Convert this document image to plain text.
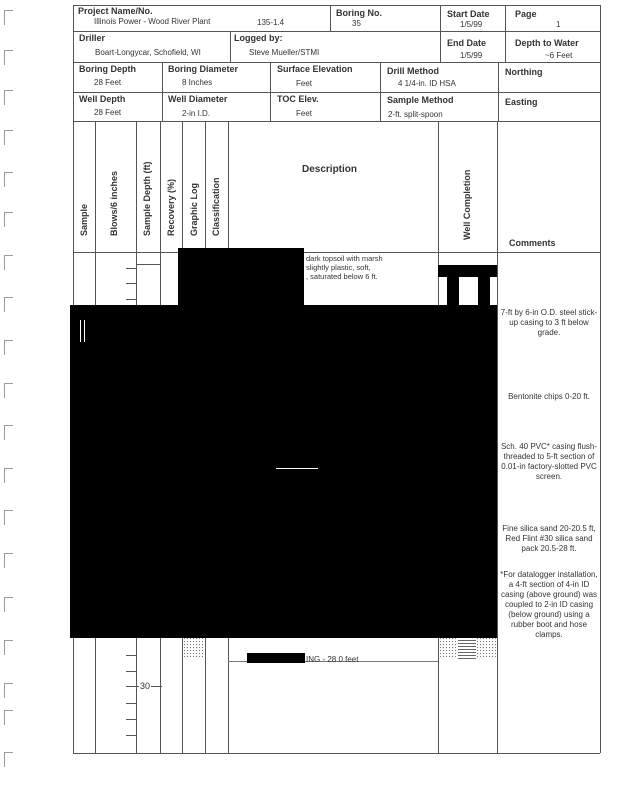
Project Name/No.
Illinois Power - Wood River Plant	135-1.4
Boring No.
35
Start Date
1/5/99
Page
1
Driller
Boart-Longycar, Schofield, WI
Logged by:
Steve Mueller/STMI
End Date
1/5/99
Depth to Water
~6 Feet
Boring Depth
28 Feet
Boring Diameter
8 Inches
Surface Elevation
Feet
Drill Method
4 1/4-in. ID HSA
Northing
Well Depth
28 Feet
Well Diameter
2-in I.D.
TOC Elev.
Feet
Sample Method
2-ft. split-spoon
Easting
Sample Blows/6 inches	Sample Depth (ft) Recovery (%) Graphic Log Classification
Description
Well Completion
Comments
30
dark topsoil with marsh
slightly plastic, soft,
, saturated below 6 ft.
ING - 28.0 feet
7-ft by 6-in O.D. steel stick-up casing to 3 ft below grade.
Bentonite chips 0-20 ft.
Sch. 40 PVC* casing flush-threaded to 5-ft section of 0.01-in factory-slotted PVC screen.
Fine silica sand 20-20.5 ft, Red Flint #30 silica sand pack 20.5-28 ft.
*For datalogger installation, a 4-ft section of 4-in ID casing (above ground) was coupled to 2-in ID casing (below ground) using a rubber boot and hose clamps.
